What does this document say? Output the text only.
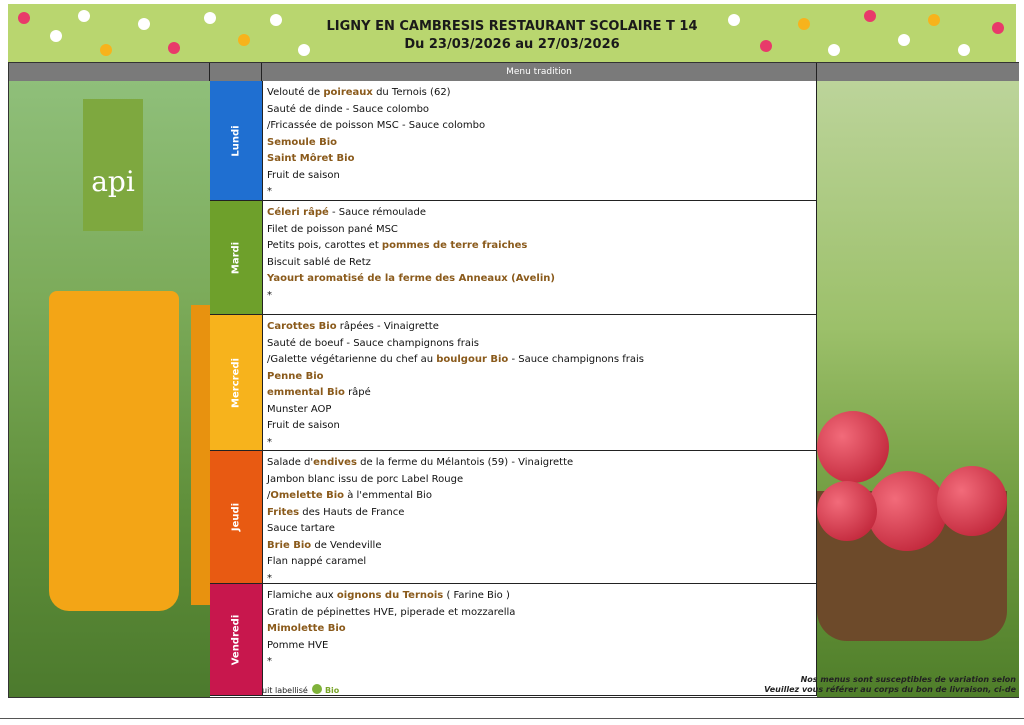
LIGNY EN CAMBRESIS RESTAURANT SCOLAIRE T 14
Du 23/03/2026 au 27/03/2026
Menu tradition
api
Lundi
Velouté de poireaux du Ternois (62)
Sauté de dinde - Sauce colombo
/Fricassée de poisson MSC - Sauce colombo
Semoule Bio
Saint Môret Bio
Fruit de saison
*
Mardi
Céleri râpé - Sauce rémoulade
Filet de poisson pané MSC
Petits pois, carottes et pommes de terre fraiches
Biscuit sablé de Retz
Yaourt aromatisé de la ferme des Anneaux (Avelin)
*
Mercredi
Carottes Bio râpées - Vinaigrette
Sauté de boeuf - Sauce champignons frais
/Galette végétarienne du chef au boulgour Bio - Sauce champignons frais
Penne Bio
emmental Bio râpé
Munster AOP
Fruit de saison
*
Jeudi
Salade d'endives de la ferme du Mélantois (59) - Vinaigrette
Jambon blanc issu de porc Label Rouge
/Omelette Bio à l'emmental Bio
Frites des Hauts de France
Sauce tartare
Brie Bio de Vendeville
Flan nappé caramel
*
Vendredi
Flamiche aux oignons du Ternois ( Farine Bio )
Gratin de pépinettes HVE, piperade et mozzarella
Mimolette Bio
Pomme HVE
*
Nos menus sont susceptibles de variation selon
Veuillez vous référer au corps du bon de livraison, ci-de
uit labellisé Bio
